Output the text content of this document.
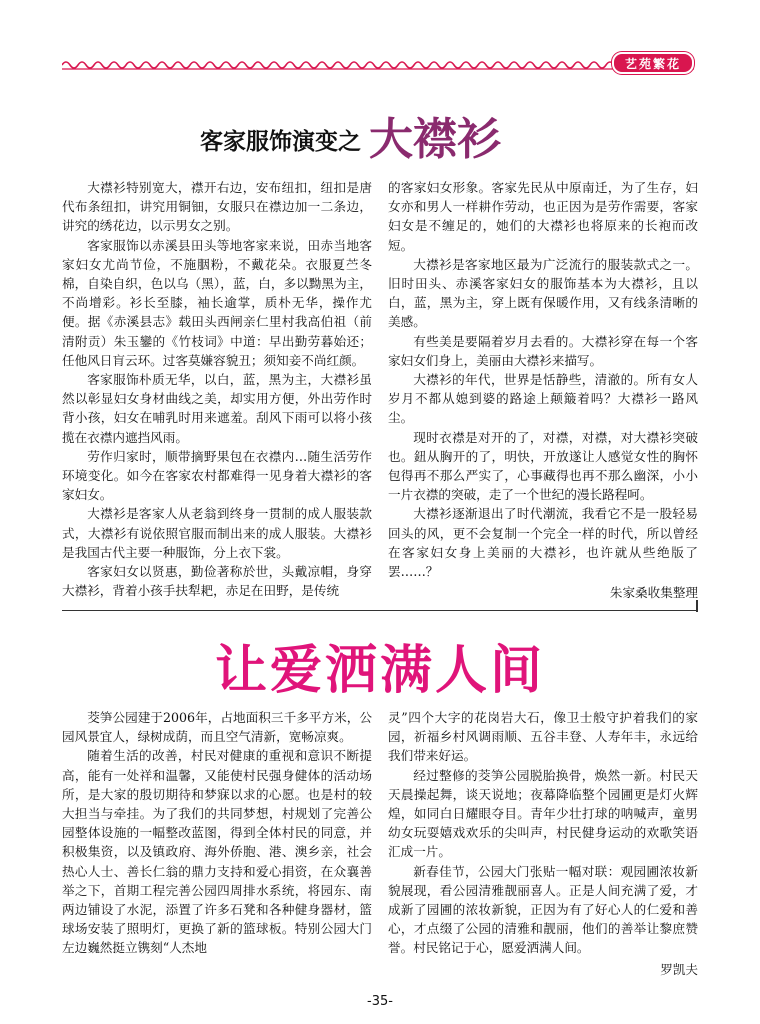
艺苑繁花
客家服饰演变之 大襟衫

大襟衫特别宽大，襟开右边，安布纽扣，纽扣是唐代布条纽扣，讲究用铜钿，女服只在襟边加一二条边，讲究的绣花边，以示男女之别。

客家服饰以赤溪县田头等地客家来说，田赤当地客家妇女尤尚节俭，不施胭粉，不戴花朵。衣服夏苎冬棉，自染自织，色以乌（黑），蓝，白，多以黝黑为主，不尚增彩。衫长至膝，袖长逾掌，质朴无华，操作尤便。据《赤溪县志》载田头西闸亲仁里村我高伯祖（前清附贡）朱玉鑾的《竹枝词》中道：早出勤劳暮始还；任他风日肓云环。过客莫嫌容貌丑；须知妾不尚红颜。

客家服饰朴质无华，以白，蓝，黑为主，大襟衫虽然以彰显妇女身材曲线之美，却实用方便，外出劳作时背小孩，妇女在哺乳时用来遮羞。刮风下雨可以将小孩揽在衣襟内遮挡风雨。

劳作归家时，顺带摘野果包在衣襟内…随生活劳作环境变化。如今在客家农村都难得一见身着大襟衫的客家妇女。

大襟衫是客家人从老翁到终身一贯制的成人服装款式，大襟衫有说依照官服而制出来的成人服装。大襟衫是我国古代主要一种服饰，分上衣下裳。

客家妇女以贤惠，勤俭著称於世，头戴凉帽，身穿大襟衫，背着小孩手扶犁耙，赤足在田野，是传统

的客家妇女形象。客家先民从中原南迁，为了生存，妇女亦和男人一样耕作劳动，也正因为是劳作需要，客家妇女是不缠足的，她们的大襟衫也将原来的长袍而改短。

大襟衫是客家地区最为广泛流行的服装款式之一。旧时田头、赤溪客家妇女的服饰基本为大襟衫，且以白，蓝，黑为主，穿上既有保暖作用，又有线条清晰的美感。

有些美是要隔着岁月去看的。大襟衫穿在每一个客家妇女们身上，美丽由大襟衫来描写。

大襟衫的年代，世界是恬静些，清澈的。所有女人岁月不都从媳到婆的路途上颠簸着吗？大襟衫一路风尘。

现时衣襟是对开的了，对襟，对襟，对大襟衫突破也。鈕从胸开的了，明快，开放遂让人感觉女性的胸怀包得再不那么严实了，心事藏得也再不那么幽深，小小一片衣襟的突破，走了一个世纪的漫长路程呵。

大襟衫逐渐退出了时代潮流，我看它不是一股轻易回头的风，更不会复制一个完全一样的时代，所以曾经在客家妇女身上美丽的大襟衫，也许就从些绝版了罢……？

朱家桑收集整理

让爱洒满人间

茭笋公园建于2006年，占地面积三千多平方米，公园风景宜人，绿树成荫，而且空气清新，宽畅凉爽。

随着生活的改善，村民对健康的重视和意识不断提高，能有一处祥和温馨，又能使村民强身健体的活动场所，是大家的殷切期待和梦寐以求的心愿。也是村的较大担当与牵挂。为了我们的共同梦想，村规划了完善公园整体设施的一幅整改蓝图，得到全体村民的同意，并积极集资，以及镇政府、海外侨胞、港、澳乡亲，社会热心人士、善长仁翁的鼎力支持和爱心捐资，在众襄善举之下，首期工程完善公园四周排水系统，将园东、南两边铺设了水泥，添置了许多石凳和各种健身器材，篮球场安装了照明灯，更换了新的篮球板。特别公园大门左边巍然挺立镌刻“人杰地

灵”四个大字的花岗岩大石，像卫士般守护着我们的家园，祈福乡村风调雨顺、五谷丰登、人寿年丰，永远给我们带来好运。

经过整修的茭笋公园脱胎换骨，焕然一新。村民天天晨操起舞，谈天说地；夜幕降临整个园圃更是灯火辉煌，如同白日耀眼夺目。青年少壮打球的呐喊声，童男幼女玩耍嬉戏欢乐的尖叫声，村民健身运动的欢歌笑语汇成一片。

新春佳节，公园大门张贴一幅对联：观园圃浓妆新貌展现，看公园清雅靓丽喜人。正是人间充满了爱，才成新了园圃的浓妆新貌，正因为有了好心人的仁爱和善心，才点缀了公园的清雅和靓丽，他们的善举让黎庶赞誉。村民铭记于心，愿爱洒满人间。

罗凯夫

-35-
